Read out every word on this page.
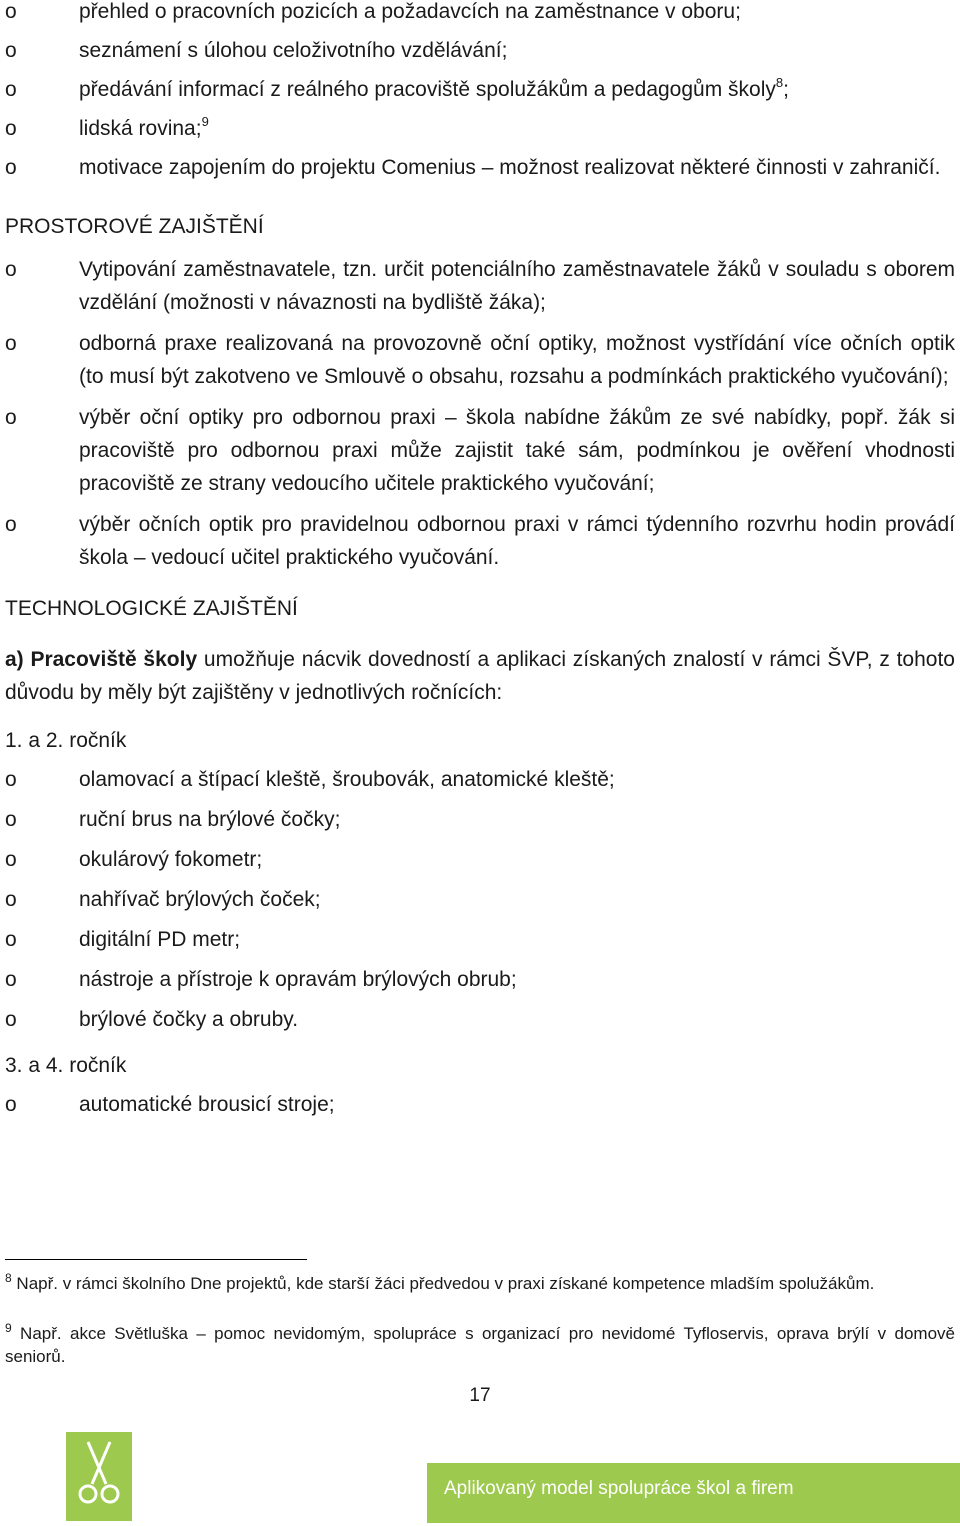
o	přehled o pracovních pozicích a požadavcích na zaměstnance v oboru;
o	seznámení s úlohou celoživotního vzdělávání;
o	předávání informací z reálného pracoviště spolužákům a pedagogům školy$^8$;
o	lidská rovina;$^9$
o	motivace zapojením do projektu Comenius – možnost realizovat některé činnosti v zahraničí.
PROSTOROVÉ ZAJIŠTĚNÍ
o	Vytipování zaměstnavatele, tzn. určit potenciálního zaměstnavatele žáků v souladu s oborem vzdělání (možnosti v návaznosti na bydliště žáka);
o	odborná praxe realizovaná na provozovně oční optiky, možnost vystřídání více očních optik (to musí být zakotveno ve Smlouvě o obsahu, rozsahu a podmínkách praktického vyučování);
o	výběr oční optiky pro odbornou praxi – škola nabídne žákům ze své nabídky, popř. žák si pracoviště pro odbornou praxi může zajistit také sám, podmínkou je ověření vhodnosti pracoviště ze strany vedoucího učitele praktického vyučování;
o	výběr očních optik pro pravidelnou odbornou praxi v rámci týdenního rozvrhu hodin provádí škola – vedoucí učitel praktického vyučování.
TECHNOLOGICKÉ ZAJIŠTĚNÍ

a) Pracoviště školy umožňuje nácvik dovedností a aplikaci získaných znalostí v rámci ŠVP, z tohoto důvodu by měly být zajištěny v jednotlivých ročnících:

1. a 2. ročník
o	olamovací a štípací kleště, šroubovák, anatomické kleště;
o	ruční brus na brýlové čočky;
o	okulárový fokometr;
o	nahřívač brýlových čoček;
o	digitální PD metr;
o	nástroje a přístroje k opravám brýlových obrub;
o	brýlové čočky a obruby.
3. a 4. ročník
o	automatické brousicí stroje;
$^8$ Např. v rámci školního Dne projektů, kde starší žáci předvedou v praxi získané kompetence mladším spolužákům.
$^9$ Např. akce Světluška – pomoc nevidomým, spolupráce s organizací pro nevidomé Tyfloservis, oprava brýlí v domově seniorů.
17
Aplikovaný model spolupráce škol a firem
